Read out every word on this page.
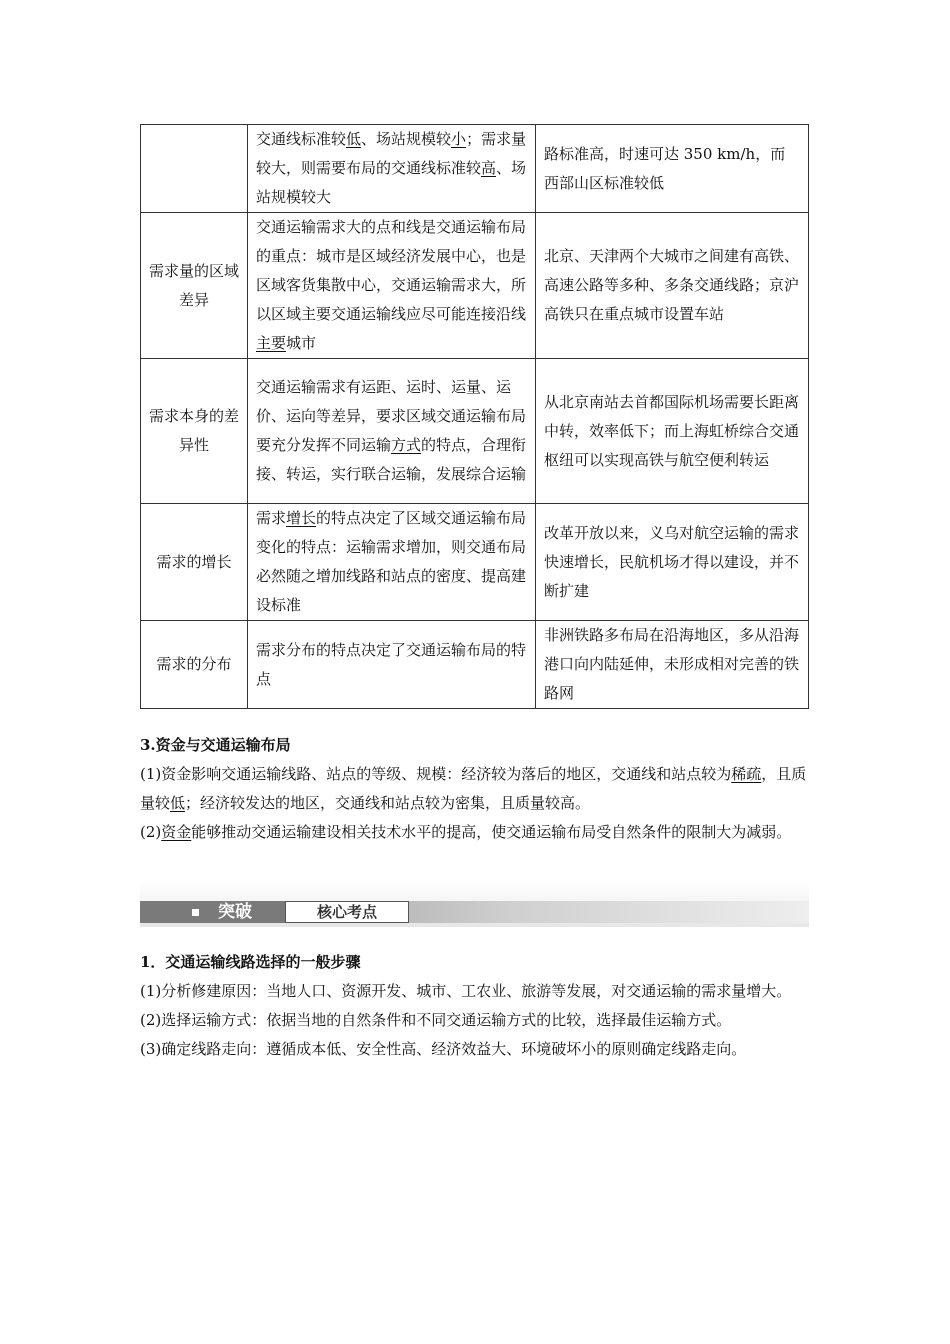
	交通线标准较低、场站规模较小；需求量较大，则需要布局的交通线标准较高、场站规模较大	路标准高，时速可达 350 km/h，而西部山区标准较低
需求量的区域差异	交通运输需求大的点和线是交通运输布局的重点：城市是区域经济发展中心，也是区域客货集散中心，交通运输需求大，所以区域主要交通运输线应尽可能连接沿线主要城市	北京、天津两个大城市之间建有高铁、高速公路等多种、多条交通线路；京沪高铁只在重点城市设置车站
需求本身的差异性	交通运输需求有运距、运时、运量、运价、运向等差异，要求区域交通运输布局要充分发挥不同运输方式的特点，合理衔接、转运，实行联合运输，发展综合运输	从北京南站去首都国际机场需要长距离中转，效率低下；而上海虹桥综合交通枢纽可以实现高铁与航空便利转运
需求的增长	需求增长的特点决定了区域交通运输布局变化的特点：运输需求增加，则交通布局必然随之增加线路和站点的密度、提高建设标准	改革开放以来，义乌对航空运输的需求快速增长，民航机场才得以建设，并不断扩建
需求的分布	需求分布的特点决定了交通运输布局的特点	非洲铁路多布局在沿海地区，多从沿海港口向内陆延伸，未形成相对完善的铁路网

3.资金与交通运输布局

(1)资金影响交通运输线路、站点的等级、规模：经济较为落后的地区，交通线和站点较为稀疏，且质量较低；经济较发达的地区，交通线和站点较为密集，且质量较高。

(2)资金能够推动交通运输建设相关技术水平的提高，使交通运输布局受自然条件的限制大为减弱。

突破	核心考点

1．交通运输线路选择的一般步骤

(1)分析修建原因：当地人口、资源开发、城市、工农业、旅游等发展，对交通运输的需求量增大。

(2)选择运输方式：依据当地的自然条件和不同交通运输方式的比较，选择最佳运输方式。

(3)确定线路走向：遵循成本低、安全性高、经济效益大、环境破坏小的原则确定线路走向。
